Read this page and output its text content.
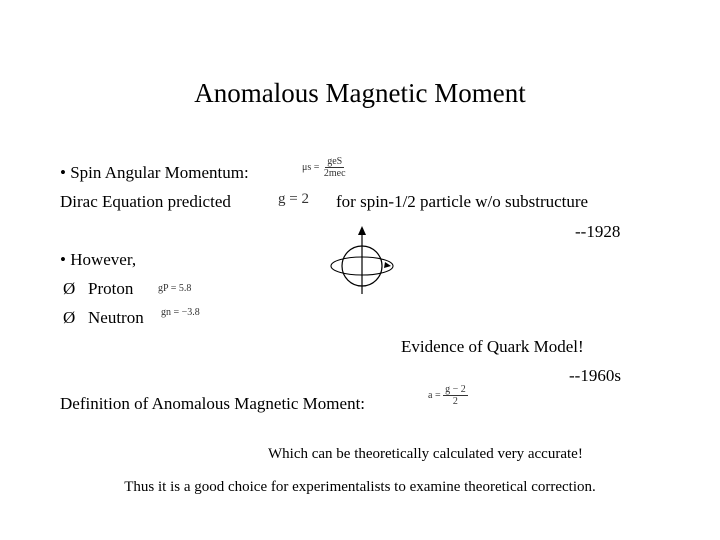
Anomalous Magnetic Moment
• Spin Angular Momentum:	$\mu s = \frac{\text{geS}}{\text{2mec}}$
Dirac Equation predicted	g = 2 for spin-1/2 particle w/o substructure
--1928
• However,
Ø Proton gP = 5.8
Ø Neutron gn = −3.8
Evidence of Quark Model!
--1960s
Definition of Anomalous Magnetic Moment:	$a = \frac{g - 2}{2}$
Which can be theoretically calculated very accurate!
Thus it is a good choice for experimentalists to examine theoretical correction.
